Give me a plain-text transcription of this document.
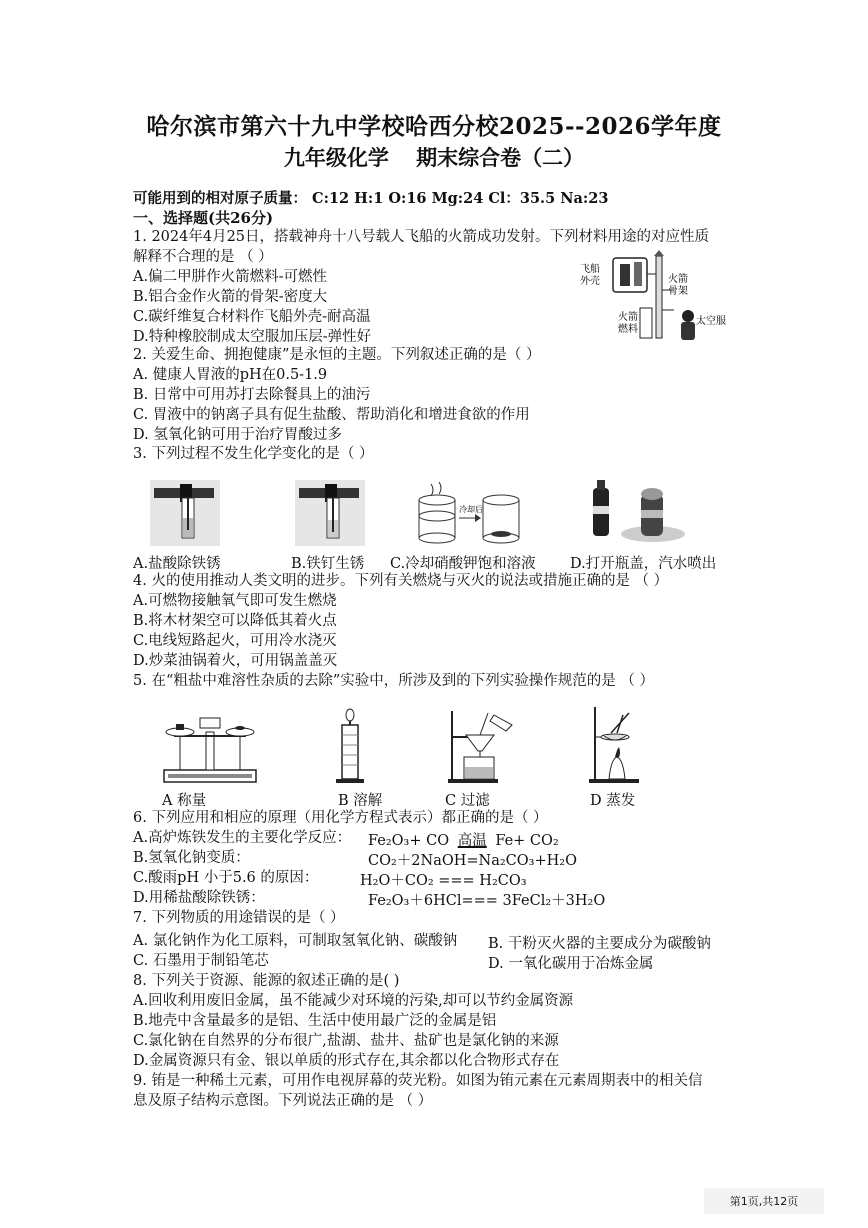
哈尔滨市第六十九中学校哈西分校2025--2026学年度
九年级化学 期末综合卷（二）
可能用到的相对原子质量： C:12 H:1 O:16 Mg:24 Cl：35.5 Na:23
一、选择题(共26分)
1. 2024年4月25日，搭载神舟十八号载人飞船的火箭成功发射。下列材料用途的对应性质
解释不合理的是 （ ）
A.偏二甲肼作火箭燃料-可燃性
B.铝合金作火箭的骨架-密度大
C.碳纤维复合材料作飞船外壳-耐高温
D.特种橡胶制成太空服加压层-弹性好
飞船
外壳	火箭
骨架
火箭
燃料
太空服
2. 关爱生命、拥抱健康”是永恒的主题。下列叙述正确的是（ ）
A. 健康人胃液的pH在0.5-1.9
B. 日常中可用苏打去除餐具上的油污
C. 胃液中的钠离子具有促生盐酸、帮助消化和增进食欲的作用
D. 氢氧化钠可用于治疗胃酸过多
3. 下列过程不发生化学变化的是（ ）
冷却后
A.盐酸除铁锈	B.铁钉生锈 C.冷却硝酸钾饱和溶液 D.打开瓶盖，汽水喷出
4. 火的使用推动人类文明的进步。下列有关燃烧与灭火的说法或措施正确的是 （ ）
A.可燃物接触氧气即可发生燃烧
B.将木材架空可以降低其着火点
C.电线短路起火，可用冷水浇灭
D.炒菜油锅着火，可用锅盖盖灭
5. 在“粗盐中难溶性杂质的去除”实验中，所涉及到的下列实验操作规范的是 （ ）
A 称量	B 溶解	C 过滤	D 蒸发
6. 下列应用和相应的原理（用化学方程式表示）都正确的是（ ）
A.高炉炼铁发生的主要化学反应： Fe₂O₃+ CO 高温 Fe+ CO₂
B.氢氧化钠变质：	CO₂＋2NaOH=Na₂CO₃+H₂O
C.酸雨pH 小于5.6 的原因：	H₂O＋CO₂ === H₂CO₃
D.用稀盐酸除铁锈：	Fe₂O₃＋6HCl=== 3FeCl₂＋3H₂O
7. 下列物质的用途错误的是（ ）
A. 氯化钠作为化工原料，可制取氢氧化钠、碳酸钠 B. 干粉灭火器的主要成分为碳酸钠
C. 石墨用于制铅笔芯	D. 一氧化碳用于冶炼金属
8. 下列关于资源、能源的叙述正确的是( )
A.回收利用废旧金属，虽不能减少对环境的污染,却可以节约金属资源
B.地壳中含量最多的是铝、生活中使用最广泛的金属是铝
C.氯化钠在自然界的分布很广,盐湖、盐井、盐矿也是氯化钠的来源
D.金属资源只有金、银以单质的形式存在,其余都以化合物形式存在
9. 铕是一种稀土元素，可用作电视屏幕的荧光粉。如图为铕元素在元素周期表中的相关信
息及原子结构示意图。下列说法正确的是 （ ）
第1页,共12页
